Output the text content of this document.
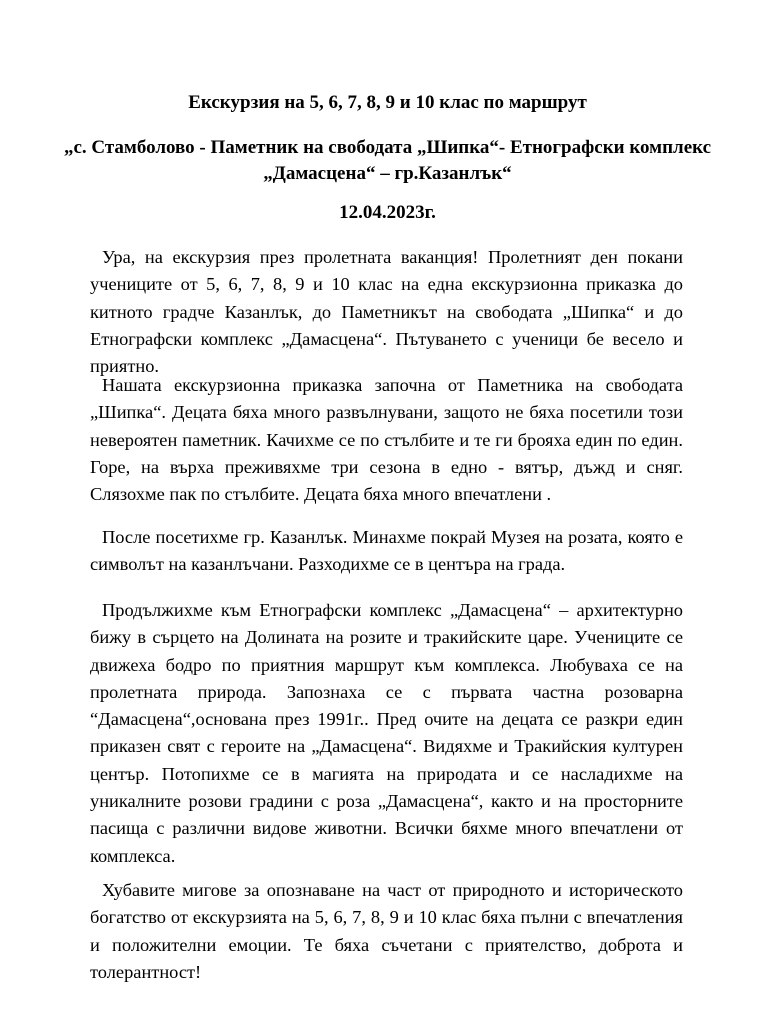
Екскурзия на 5, 6, 7, 8, 9 и 10 клас по маршрут
„с. Стамболово - Паметник на свободата „Шипка“- Етнографски комплекс „Дамасцена“ – гр.Казанлък“
12.04.2023г.

Ура, на екскурзия през пролетната ваканция! Пролетният ден покани учениците от 5, 6, 7, 8, 9 и 10 клас на една екскурзионна приказка до китното градче Казанлък, до Паметникът на свободата „Шипка“ и до Етнографски комплекс „Дамасцена“. Пътуването с ученици бе весело и приятно.

Нашата екскурзионна приказка започна от Паметника на свободата „Шипка“. Децата бяха много развълнувани, защото не бяха посетили този невероятен паметник. Качихме се по стълбите и те ги брояха един по един. Горе, на върха преживяхме три сезона в едно - вятър, дъжд и сняг. Слязохме пак по стълбите. Децата бяха много впечатлени .

После посетихме гр. Казанлък. Минахме покрай Музея на розата, която е символът на казанлъчани. Разходихме се в центъра на града.

Продължихме към Етнографски комплекс „Дамасцена“ – архитектурно бижу в сърцето на Долината на розите и тракийските царе. Учениците се движеха бодро по приятния маршрут към комплекса. Любуваха се на пролетната природа. Запознаха се с първата частна розоварна “Дамасцена“,основана през 1991г.. Пред очите на децата се разкри един приказен свят с героите на „Дамасцена“. Видяхме и Тракийския културен център. Потопихме се в магията на природата и се насладихме на уникалните розови градини с роза „Дамасцена“, както и на просторните пасища с различни видове животни. Всички бяхме много впечатлени от комплекса.

Хубавите мигове за опознаване на част от природното и историческото богатство от екскурзията на 5, 6, 7, 8, 9 и 10 клас бяха пълни с впечатления и положителни емоции. Те бяха съчетани с приятелство, доброта и толерантност!
